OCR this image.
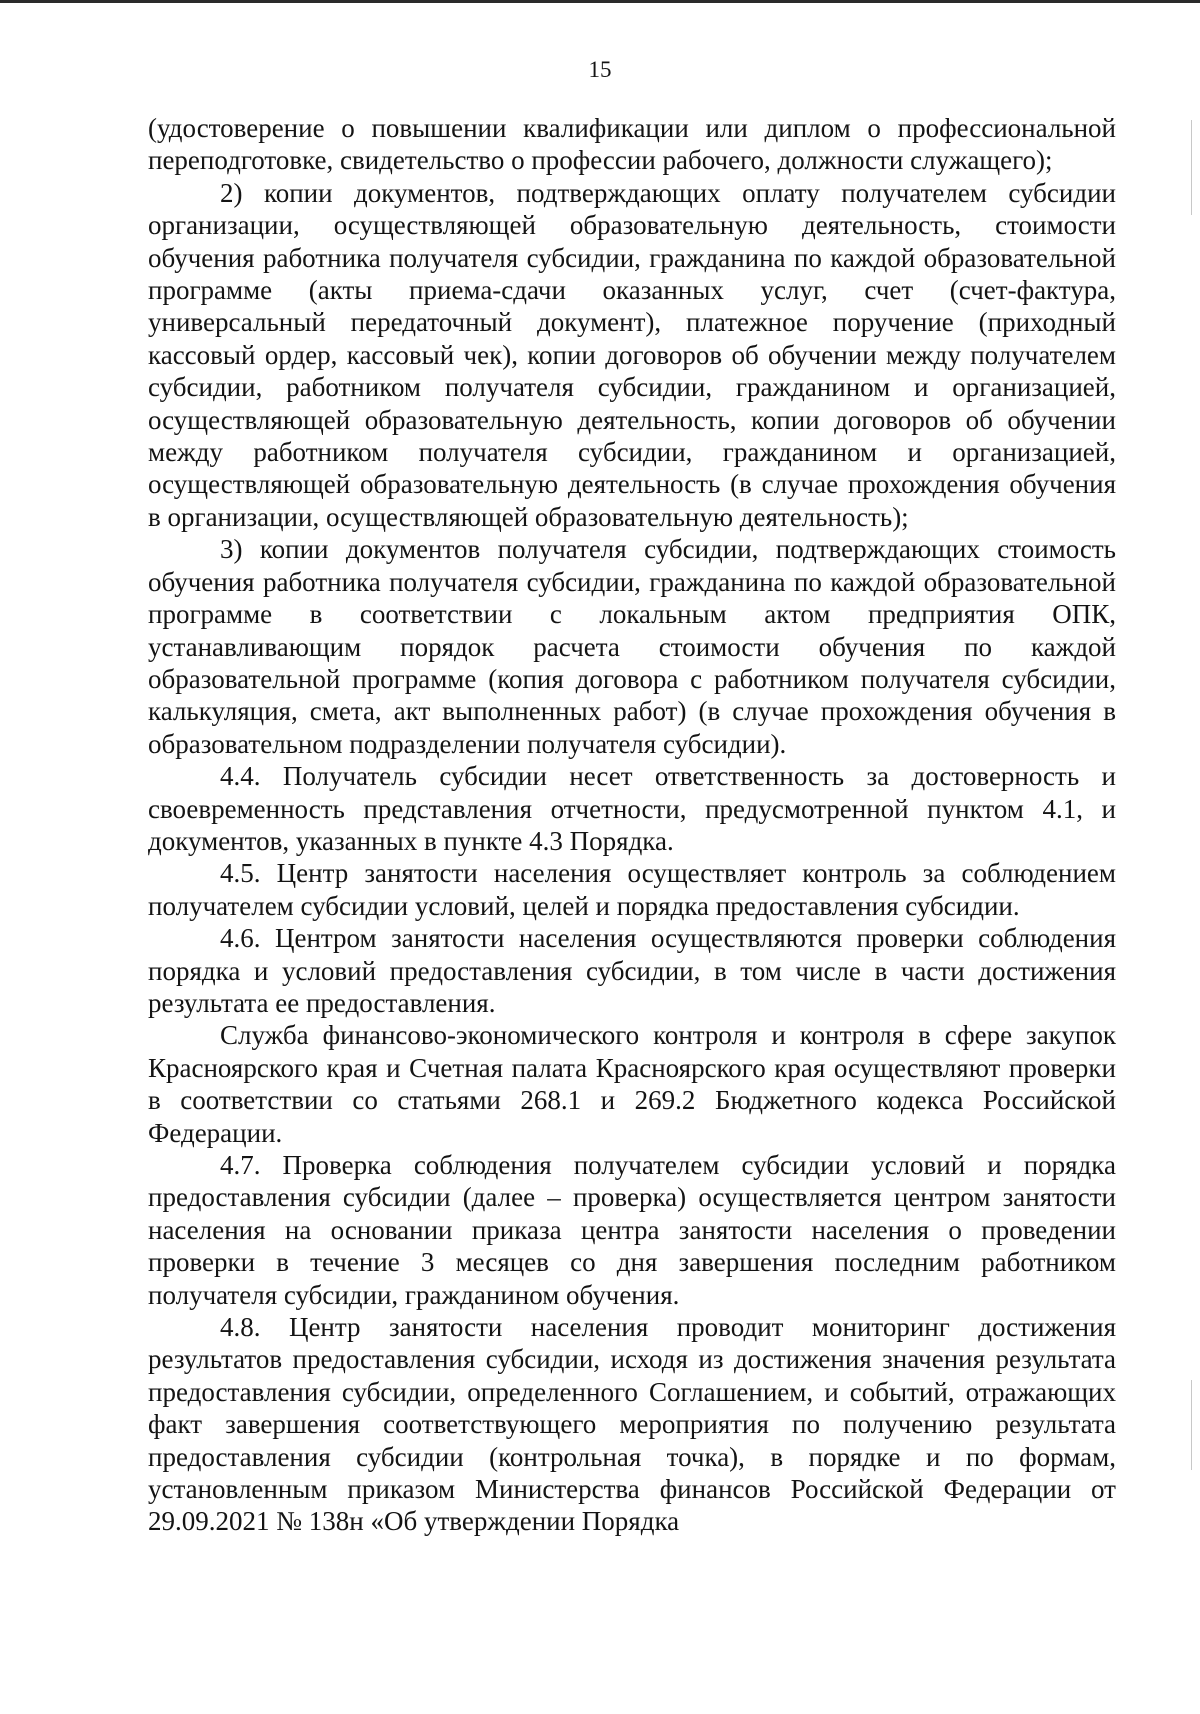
15

(удостоверение о повышении квалификации или диплом о профессиональной переподготовке, свидетельство о профессии рабочего, должности служащего);

2) копии документов, подтверждающих оплату получателем субсидии организации, осуществляющей образовательную деятельность, стоимости обучения работника получателя субсидии, гражданина по каждой образовательной программе (акты приема-сдачи оказанных услуг, счет (счет-фактура, универсальный передаточный документ), платежное поручение (приходный кассовый ордер, кассовый чек), копии договоров об обучении между получателем субсидии, работником получателя субсидии, гражданином и организацией, осуществляющей образовательную деятельность, копии договоров об обучении между работником получателя субсидии, гражданином и организацией, осуществляющей образовательную деятельность (в случае прохождения обучения в организации, осуществляющей образовательную деятельность);

3) копии документов получателя субсидии, подтверждающих стоимость обучения работника получателя субсидии, гражданина по каждой образовательной программе в соответствии с локальным актом предприятия ОПК, устанавливающим порядок расчета стоимости обучения по каждой образовательной программе (копия договора с работником получателя субсидии, калькуляция, смета, акт выполненных работ) (в случае прохождения обучения в образовательном подразделении получателя субсидии).

4.4. Получатель субсидии несет ответственность за достоверность и своевременность представления отчетности, предусмотренной пунктом 4.1, и документов, указанных в пункте 4.3 Порядка.

4.5. Центр занятости населения осуществляет контроль за соблюдением получателем субсидии условий, целей и порядка предоставления субсидии.

4.6. Центром занятости населения осуществляются проверки соблюдения порядка и условий предоставления субсидии, в том числе в части достижения результата ее предоставления.

Служба финансово-экономического контроля и контроля в сфере закупок Красноярского края и Счетная палата Красноярского края осуществляют проверки в соответствии со статьями 268.1 и 269.2 Бюджетного кодекса Российской Федерации.

4.7. Проверка соблюдения получателем субсидии условий и порядка предоставления субсидии (далее – проверка) осуществляется центром занятости населения на основании приказа центра занятости населения о проведении проверки в течение 3 месяцев со дня завершения последним работником получателя субсидии, гражданином обучения.

4.8. Центр занятости населения проводит мониторинг достижения результатов предоставления субсидии, исходя из достижения значения результата предоставления субсидии, определенного Соглашением, и событий, отражающих факт завершения соответствующего мероприятия по получению результата предоставления субсидии (контрольная точка), в порядке и по формам, установленным приказом Министерства финансов Российской Федерации от 29.09.2021 № 138н «Об утверждении Порядка
